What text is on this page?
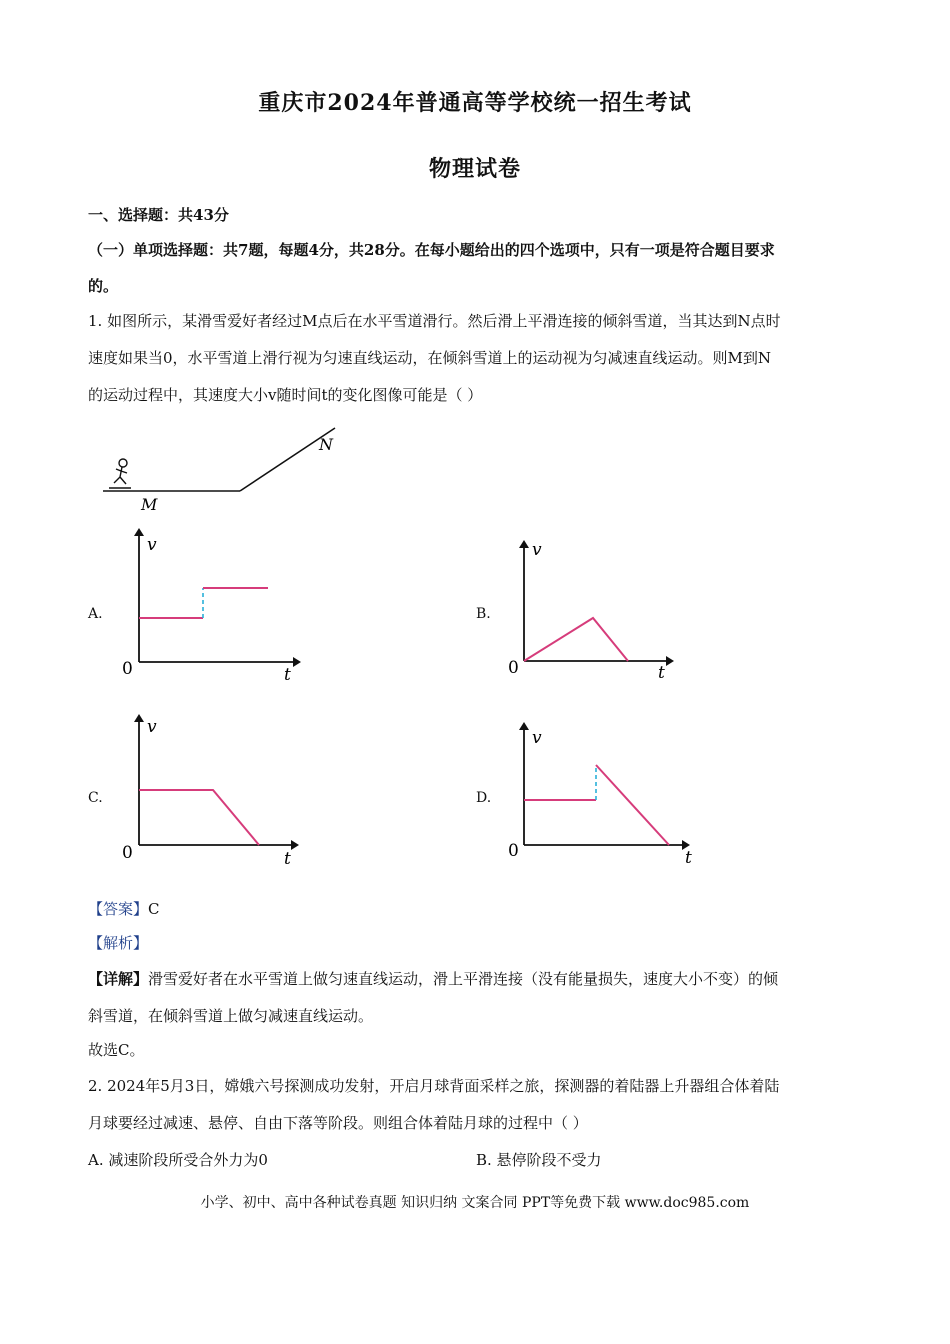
重庆市2024年普通高等学校统一招生考试
物理试卷
一、选择题：共43分
（一）单项选择题：共7题，每题4分，共28分。在每小题给出的四个选项中，只有一项是符合题目要求
的。
1. 如图所示，某滑雪爱好者经过M点后在水平雪道滑行。然后滑上平滑连接的倾斜雪道，当其达到N点时
速度如果当0，水平雪道上滑行视为匀速直线运动，在倾斜雪道上的运动视为匀减速直线运动。则M到N
的运动过程中，其速度大小v随时间t的变化图像可能是（ ）
M
N
A.
v
t
0
B.
v
t
0
C.
v
t
0
D.
v
t
0
【答案】C
【解析】
【详解】滑雪爱好者在水平雪道上做匀速直线运动，滑上平滑连接（没有能量损失，速度大小不变）的倾
斜雪道，在倾斜雪道上做匀减速直线运动。
故选C。
2. 2024年5月3日，嫦娥六号探测成功发射，开启月球背面采样之旅，探测器的着陆器上升器组合体着陆
月球要经过减速、悬停、自由下落等阶段。则组合体着陆月球的过程中（ ）
A. 减速阶段所受合外力为0	B. 悬停阶段不受力
小学、初中、高中各种试卷真题 知识归纳 文案合同 PPT等免费下载 www.doc985.com
